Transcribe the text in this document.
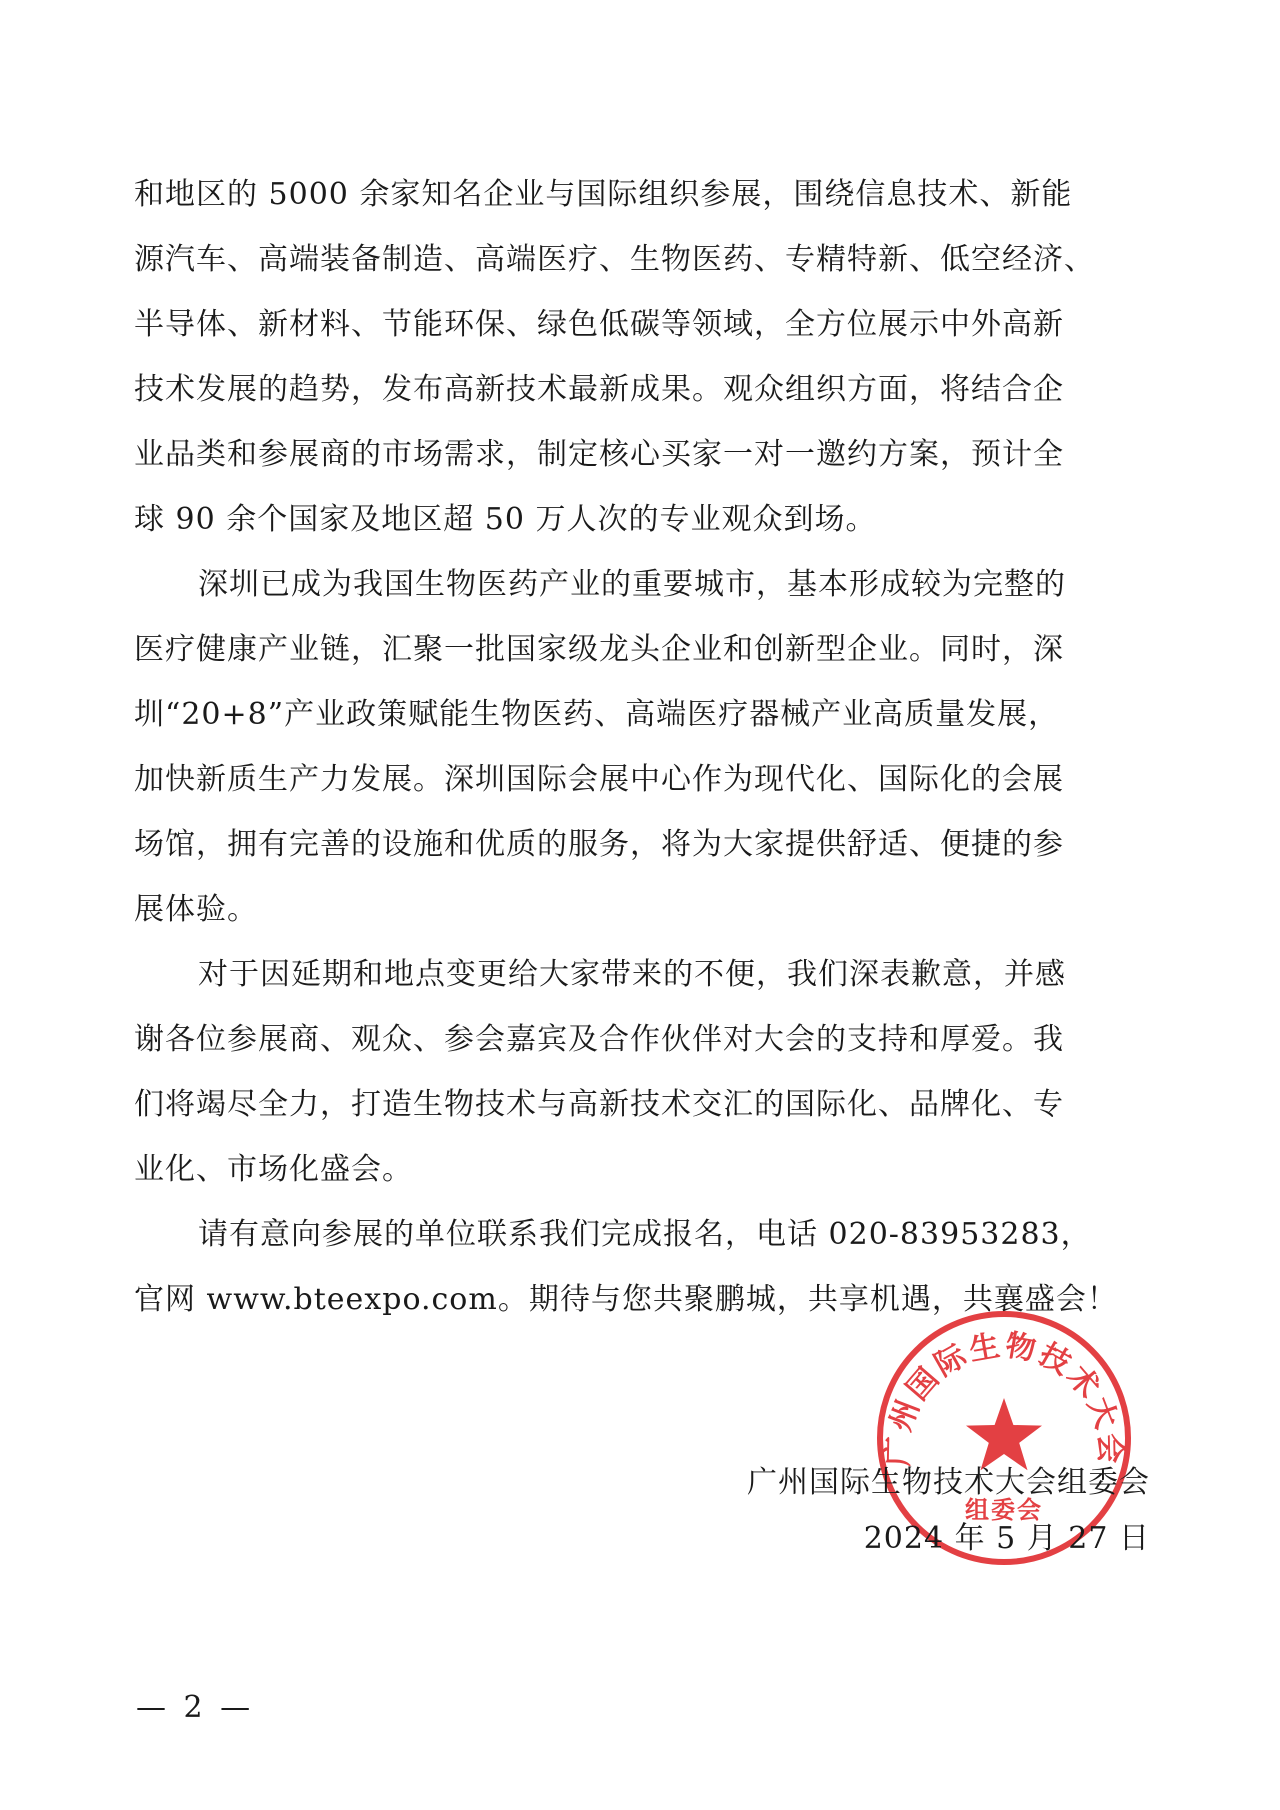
和地区的 5000 余家知名企业与国际组织参展，围绕信息技术、新能
源汽车、高端装备制造、高端医疗、生物医药、专精特新、低空经济、
半导体、新材料、节能环保、绿色低碳等领域，全方位展示中外高新
技术发展的趋势，发布高新技术最新成果。观众组织方面，将结合企
业品类和参展商的市场需求，制定核心买家一对一邀约方案，预计全
球 90 余个国家及地区超 50 万人次的专业观众到场。

深圳已成为我国生物医药产业的重要城市，基本形成较为完整的
医疗健康产业链，汇聚一批国家级龙头企业和创新型企业。同时，深
圳“20+8”产业政策赋能生物医药、高端医疗器械产业高质量发展，
加快新质生产力发展。深圳国际会展中心作为现代化、国际化的会展
场馆，拥有完善的设施和优质的服务，将为大家提供舒适、便捷的参
展体验。

对于因延期和地点变更给大家带来的不便，我们深表歉意，并感
谢各位参展商、观众、参会嘉宾及合作伙伴对大会的支持和厚爱。我
们将竭尽全力，打造生物技术与高新技术交汇的国际化、品牌化、专
业化、市场化盛会。

请有意向参展的单位联系我们完成报名，电话 020-83953283，
官网 www.bteexpo.com。期待与您共聚鹏城，共享机遇，共襄盛会！

广州国际生物技术大会
组委会
广州国际生物技术大会组委会
2024 年 5 月 27 日
— 2 —
